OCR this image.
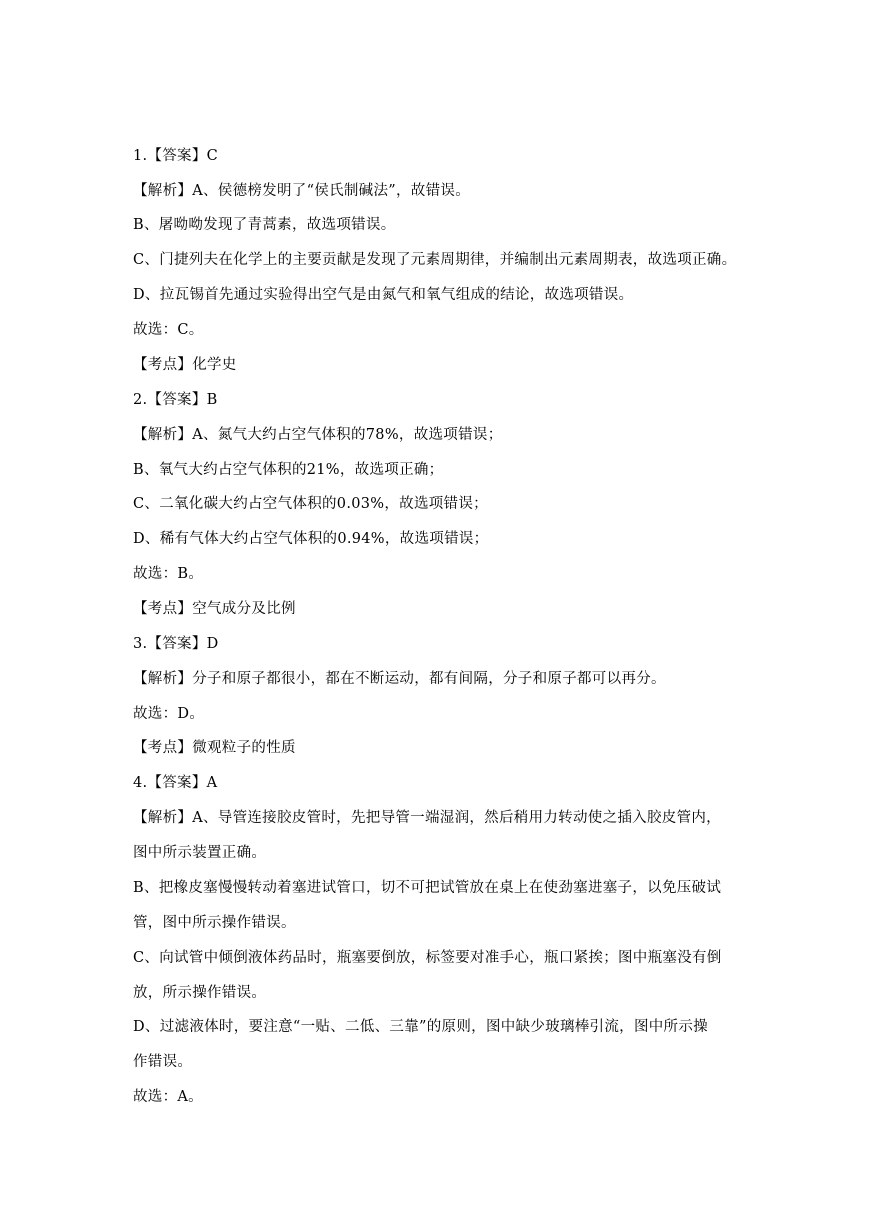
1.【答案】C
【解析】A、侯德榜发明了“侯氏制碱法”，故错误。
B、屠呦呦发现了青蒿素，故选项错误。
C、门捷列夫在化学上的主要贡献是发现了元素周期律，并编制出元素周期表，故选项正确。
D、拉瓦锡首先通过实验得出空气是由氮气和氧气组成的结论，故选项错误。
故选：C。
【考点】化学史
2.【答案】B
【解析】A、氮气大约占空气体积的78%，故选项错误；
B、氧气大约占空气体积的21%，故选项正确；
C、二氧化碳大约占空气体积的0.03%，故选项错误；
D、稀有气体大约占空气体积的0.94%，故选项错误；
故选：B。
【考点】空气成分及比例
3.【答案】D
【解析】分子和原子都很小，都在不断运动，都有间隔，分子和原子都可以再分。
故选：D。
【考点】微观粒子的性质
4.【答案】A
【解析】A、导管连接胶皮管时，先把导管一端湿润，然后稍用力转动使之插入胶皮管内，
图中所示装置正确。
B、把橡皮塞慢慢转动着塞进试管口，切不可把试管放在桌上在使劲塞进塞子，以免压破试
管，图中所示操作错误。
C、向试管中倾倒液体药品时，瓶塞要倒放，标签要对准手心，瓶口紧挨；图中瓶塞没有倒
放，所示操作错误。
D、过滤液体时，要注意“一贴、二低、三靠”的原则，图中缺少玻璃棒引流，图中所示操
作错误。
故选：A。
